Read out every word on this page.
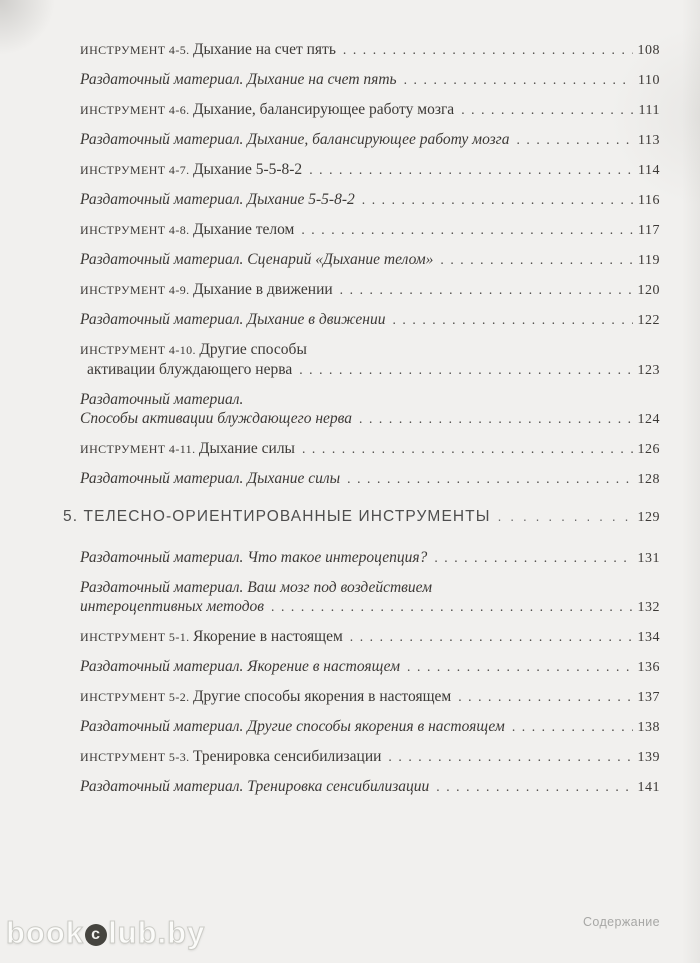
ИНСТРУМЕНТ 4-5. Дыхание на счет пять . . .	108
Раздаточный материал. Дыхание на счет пять . . .	110
ИНСТРУМЕНТ 4-6. Дыхание, балансирующее работу мозга . . .	111
Раздаточный материал. Дыхание, балансирующее работу мозга . . .	113
ИНСТРУМЕНТ 4-7. Дыхание 5-5-8-2 . . .	114
Раздаточный материал. Дыхание 5-5-8-2 . . .	116
ИНСТРУМЕНТ 4-8. Дыхание телом . . .	117
Раздаточный материал. Сценарий «Дыхание телом» . . .	119
ИНСТРУМЕНТ 4-9. Дыхание в движении . . .	120
Раздаточный материал. Дыхание в движении . . .	122
ИНСТРУМЕНТ 4-10. Другие способы
активации блуждающего нерва . . .	123
Раздаточный материал.
Способы активации блуждающего нерва . . .	124
ИНСТРУМЕНТ 4-11. Дыхание силы . . .	126
Раздаточный материал. Дыхание силы . . .	128
5. ТЕЛЕСНО-ОРИЕНТИРОВАННЫЕ ИНСТРУМЕНТЫ . . .	129
Раздаточный материал. Что такое интероцепция? . . .	131
Раздаточный материал. Ваш мозг под воздействием
интероцептивных методов . . .	132
ИНСТРУМЕНТ 5-1. Якорение в настоящем . . .	134
Раздаточный материал. Якорение в настоящем . . .	136
ИНСТРУМЕНТ 5-2. Другие способы якорения в настоящем . . .	137
Раздаточный материал. Другие способы якорения в настоящем . . .	138
ИНСТРУМЕНТ 5-3. Тренировка сенсибилизации . . .	139
Раздаточный материал. Тренировка сенсибилизации . . .	141
Содержание
book c lub.by
